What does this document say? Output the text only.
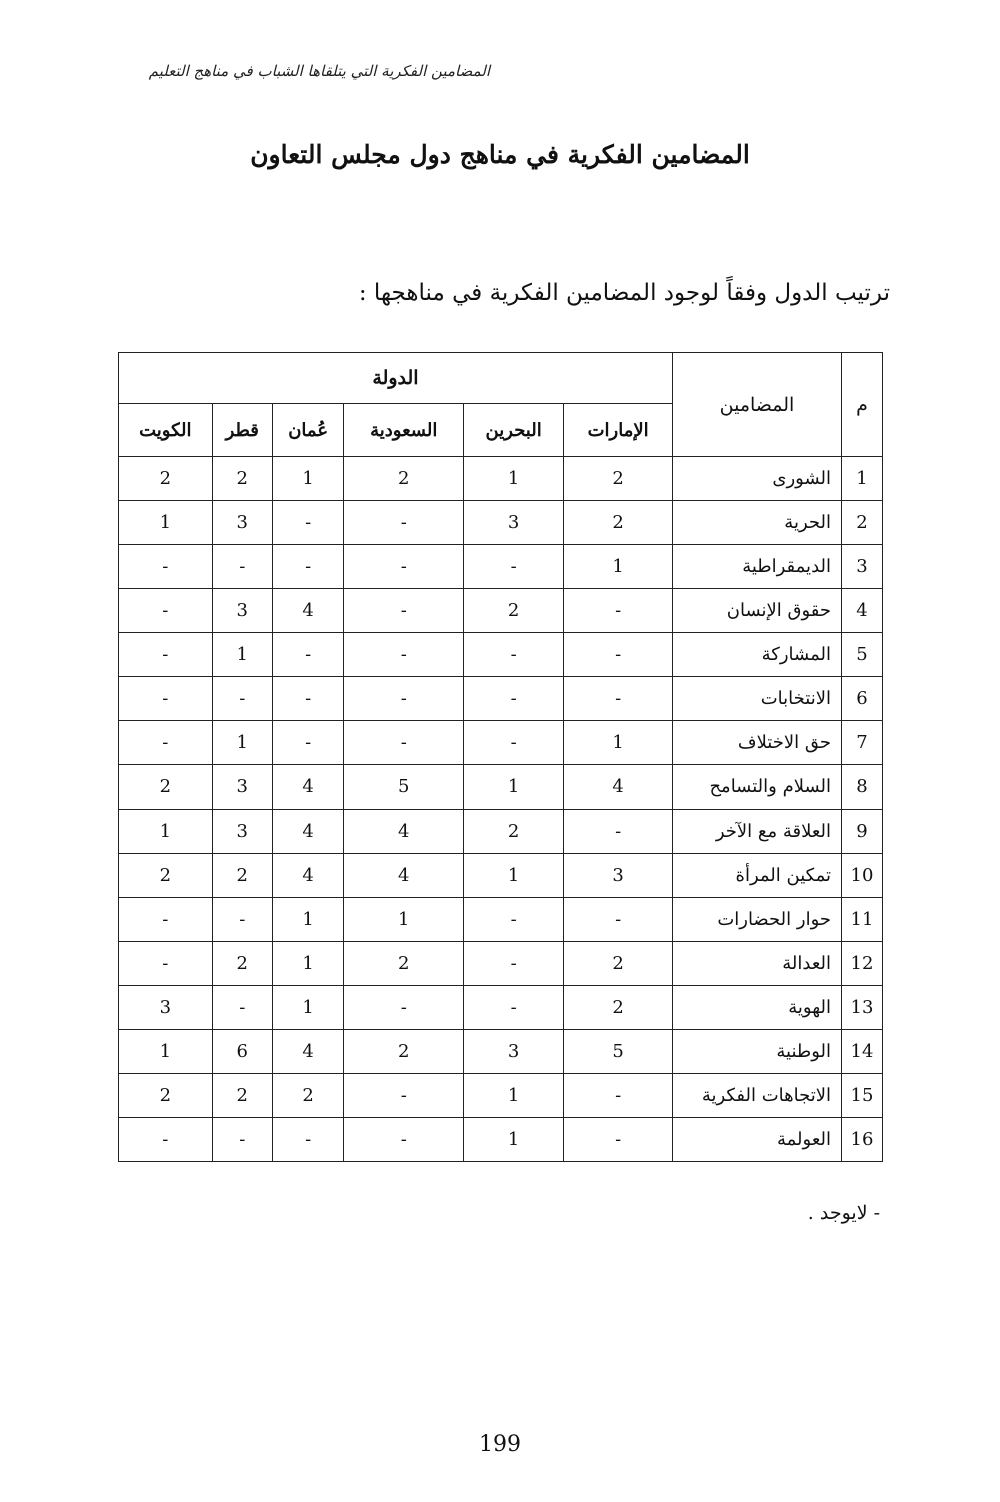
المضامين الفكرية التي يتلقاها الشباب في مناهج التعليم
المضامين الفكرية في مناهج دول مجلس التعاون
ترتيب الدول وفقاً لوجود المضامين الفكرية في مناهجها :
م	المضامين	الدولة					
		الإمارات	البحرين	السعودية	عُمان	قطر	الكويت
1	الشورى	2	1	2	1	2	2
2	الحرية	2	3	-	-	3	1
3	الديمقراطية	1	-	-	-	-	-
4	حقوق الإنسان	-	2	-	4	3	-
5	المشاركة	-	-	-	-	1	-
6	الانتخابات	-	-	-	-	-	-
7	حق الاختلاف	1	-	-	-	1	-
8	السلام والتسامح	4	1	5	4	3	2
9	العلاقة مع الآخر	-	2	4	4	3	1
10	تمكين المرأة	3	1	4	4	2	2
11	حوار الحضارات	-	-	1	1	-	-
12	العدالة	2	-	2	1	2	-
13	الهوية	2	-	-	1	-	3
14	الوطنية	5	3	2	4	6	1
15	الاتجاهات الفكرية	-	1	-	2	2	2
16	العولمة	-	1	-	-	-	-
- لايوجد .
199
